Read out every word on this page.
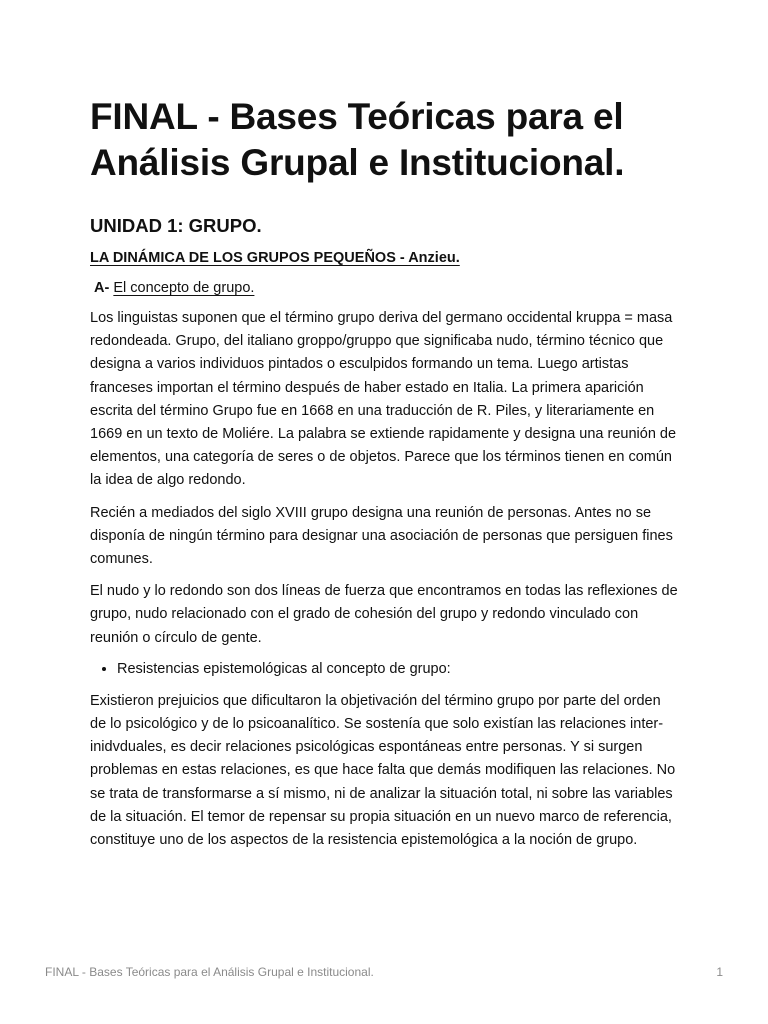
FINAL - Bases Teóricas para el Análisis Grupal e Institucional.
UNIDAD 1: GRUPO.
LA DINÁMICA DE LOS GRUPOS PEQUEÑOS - Anzieu.
A- El concepto de grupo.

Los linguistas suponen que el término grupo deriva del germano occidental kruppa = masa redondeada. Grupo, del italiano groppo/gruppo que significaba nudo, término técnico que designa a varios individuos pintados o esculpidos formando un tema. Luego artistas franceses importan el término después de haber estado en Italia. La primera aparición escrita del término Grupo fue en 1668 en una traducción de R. Piles, y literariamente en 1669 en un texto de Moliére. La palabra se extiende rapidamente y designa una reunión de elementos, una categoría de seres o de objetos. Parece que los términos tienen en común la idea de algo redondo.

Recién a mediados del siglo XVIII grupo designa una reunión de personas. Antes no se disponía de ningún término para designar una asociación de personas que persiguen fines comunes.

El nudo y lo redondo son dos líneas de fuerza que encontramos en todas las reflexiones de grupo, nudo relacionado con el grado de cohesión del grupo y redondo vinculado con reunión o círculo de gente.

• Resistencias epistemológicas al concepto de grupo:

Existieron prejuicios que dificultaron la objetivación del término grupo por parte del orden de lo psicológico y de lo psicoanalítico. Se sostenía que solo existían las relaciones inter-inidvduales, es decir relaciones psicológicas espontáneas entre personas. Y si surgen problemas en estas relaciones, es que hace falta que demás modifiquen las relaciones. No se trata de transformarse a sí mismo, ni de analizar la situación total, ni sobre las variables de la situación. El temor de repensar su propia situación en un nuevo marco de referencia, constituye uno de los aspectos de la resistencia epistemológica a la noción de grupo.

FINAL - Bases Teóricas para el Análisis Grupal e Institucional.	1
